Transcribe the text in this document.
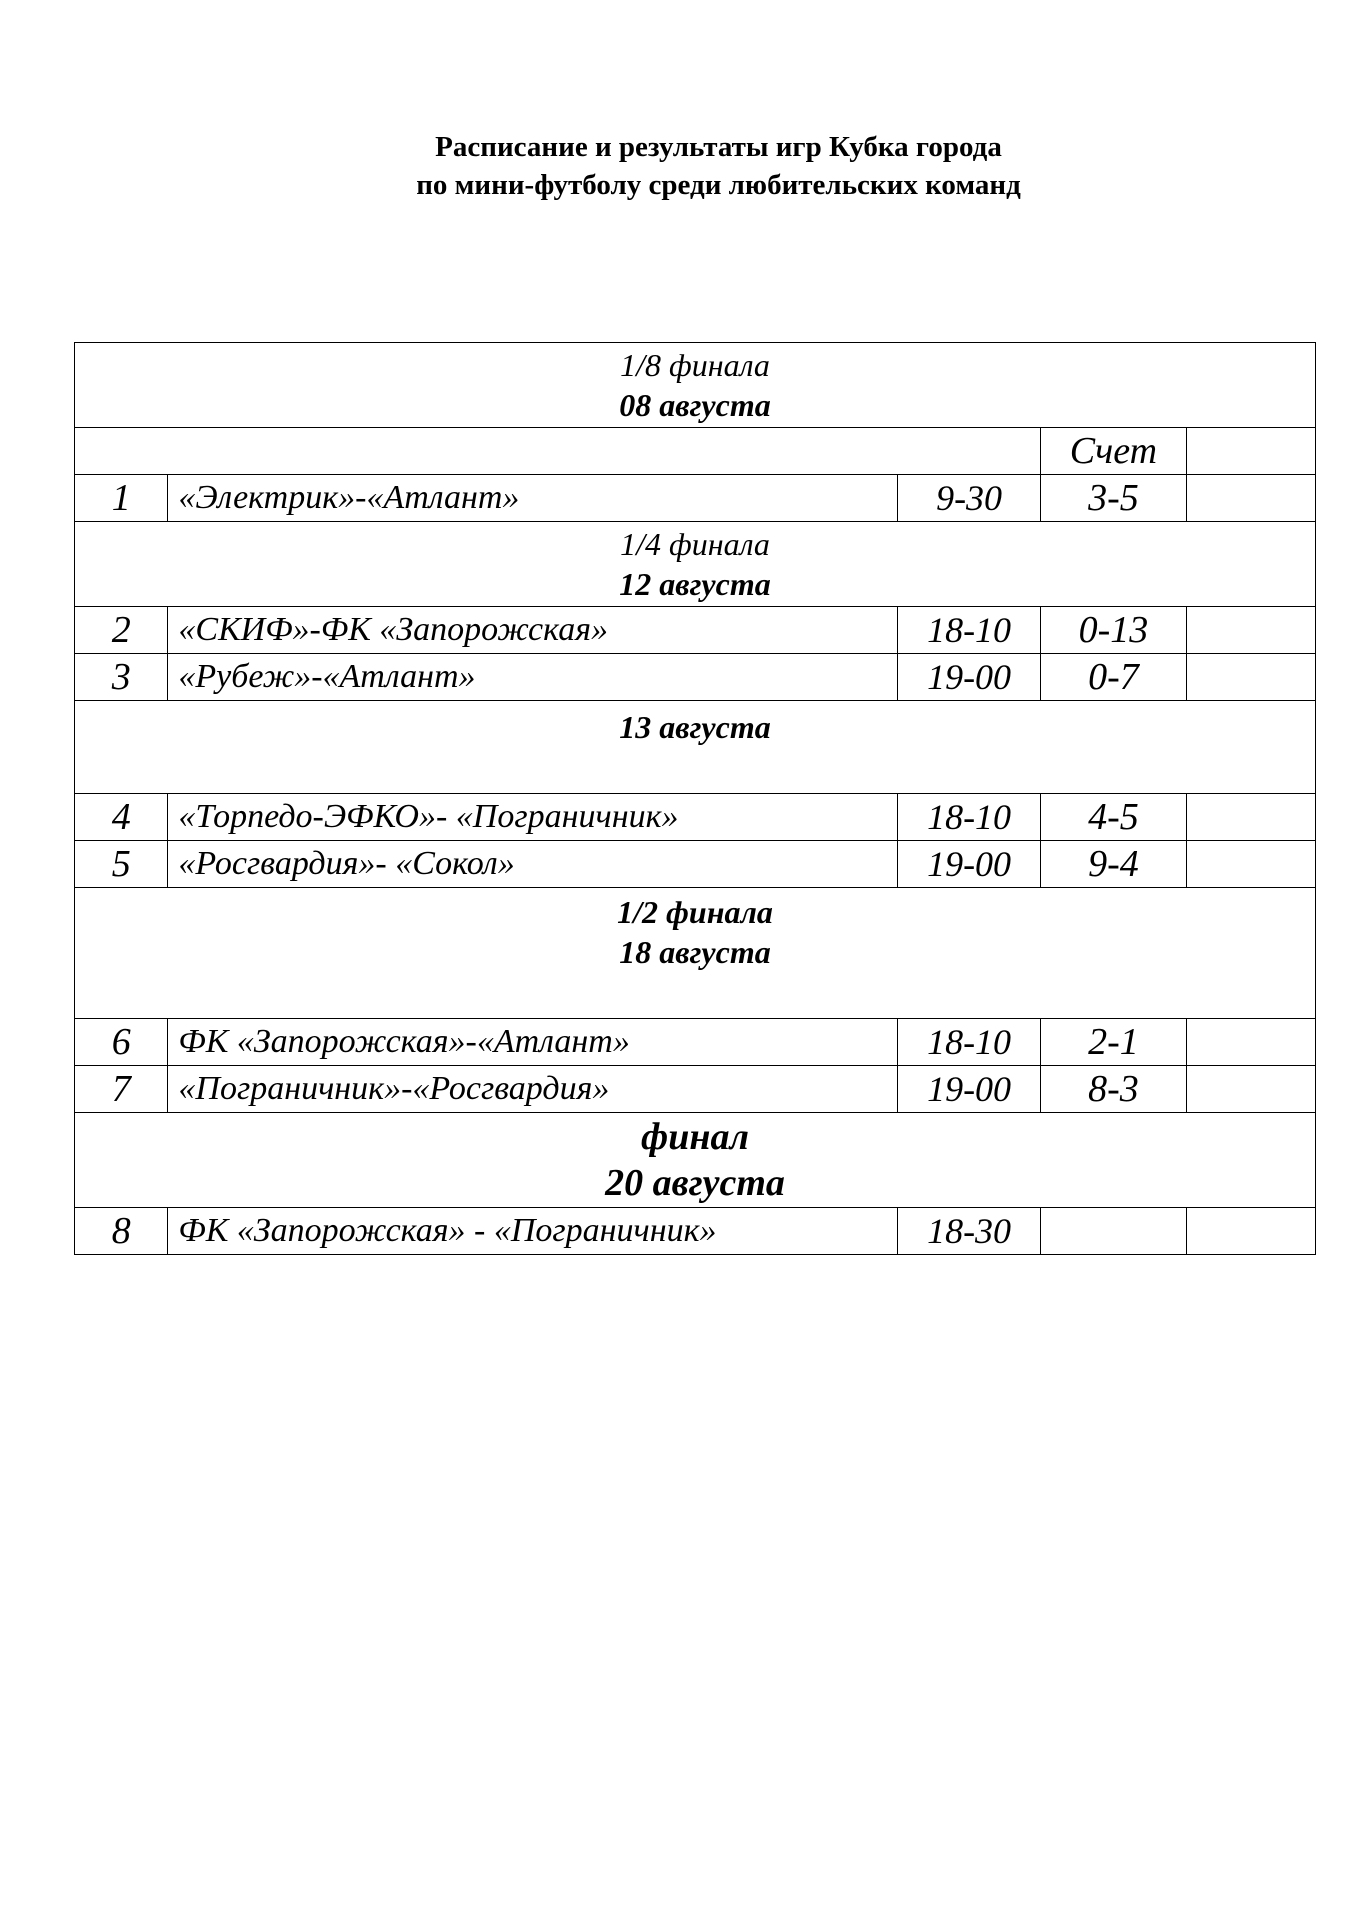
Расписание и результаты игр Кубка города
по мини-футболу среди любительских команд
1/8 финала
08 августа				

			Счет	
1	«Электрик»-«Атлант»	9-30	3-5	

1/4 финала
12 августа				

2	«СКИФ»-ФК «Запорожская»	18-10	0-13	
3	«Рубеж»-«Атлант»	19-00	0-7	

13 августа				

4	«Торпедо-ЭФКО»- «Пограничник»	18-10	4-5	
5	«Росгвардия»- «Сокол»	19-00	9-4	

1/2 финала
18 августа				

6	ФК «Запорожская»-«Атлант»	18-10	2-1	
7	«Пограничник»-«Росгвардия»	19-00	8-3	

финал
20 августа				

8	ФК «Запорожская» - «Пограничник»	18-30		
